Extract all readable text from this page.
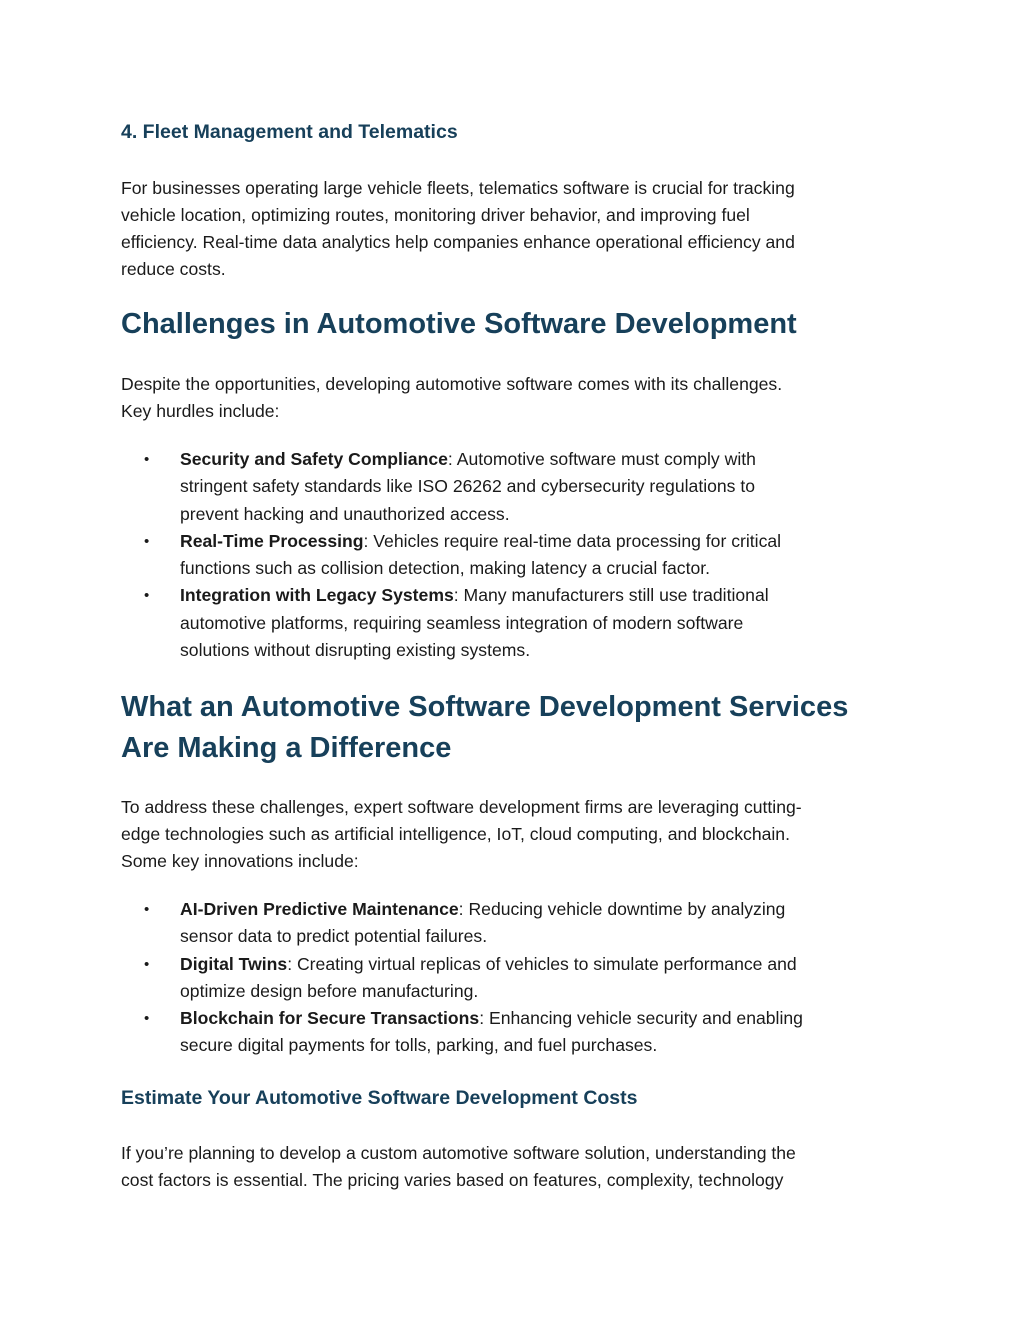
4. Fleet Management and Telematics

For businesses operating large vehicle fleets, telematics software is crucial for tracking
vehicle location, optimizing routes, monitoring driver behavior, and improving fuel
efficiency. Real-time data analytics help companies enhance operational efficiency and
reduce costs.

Challenges in Automotive Software Development

Despite the opportunities, developing automotive software comes with its challenges.
Key hurdles include:

• Security and Safety Compliance: Automotive software must comply with
stringent safety standards like ISO 26262 and cybersecurity regulations to
prevent hacking and unauthorized access.
• Real-Time Processing: Vehicles require real-time data processing for critical
functions such as collision detection, making latency a crucial factor.
• Integration with Legacy Systems: Many manufacturers still use traditional
automotive platforms, requiring seamless integration of modern software
solutions without disrupting existing systems.
What an Automotive Software Development Services
Are Making a Difference

To address these challenges, expert software development firms are leveraging cutting-
edge technologies such as artificial intelligence, IoT, cloud computing, and blockchain.
Some key innovations include:

• AI-Driven Predictive Maintenance: Reducing vehicle downtime by analyzing
sensor data to predict potential failures.
• Digital Twins: Creating virtual replicas of vehicles to simulate performance and
optimize design before manufacturing.
• Blockchain for Secure Transactions: Enhancing vehicle security and enabling
secure digital payments for tolls, parking, and fuel purchases.
Estimate Your Automotive Software Development Costs

If you’re planning to develop a custom automotive software solution, understanding the
cost factors is essential. The pricing varies based on features, complexity, technology
